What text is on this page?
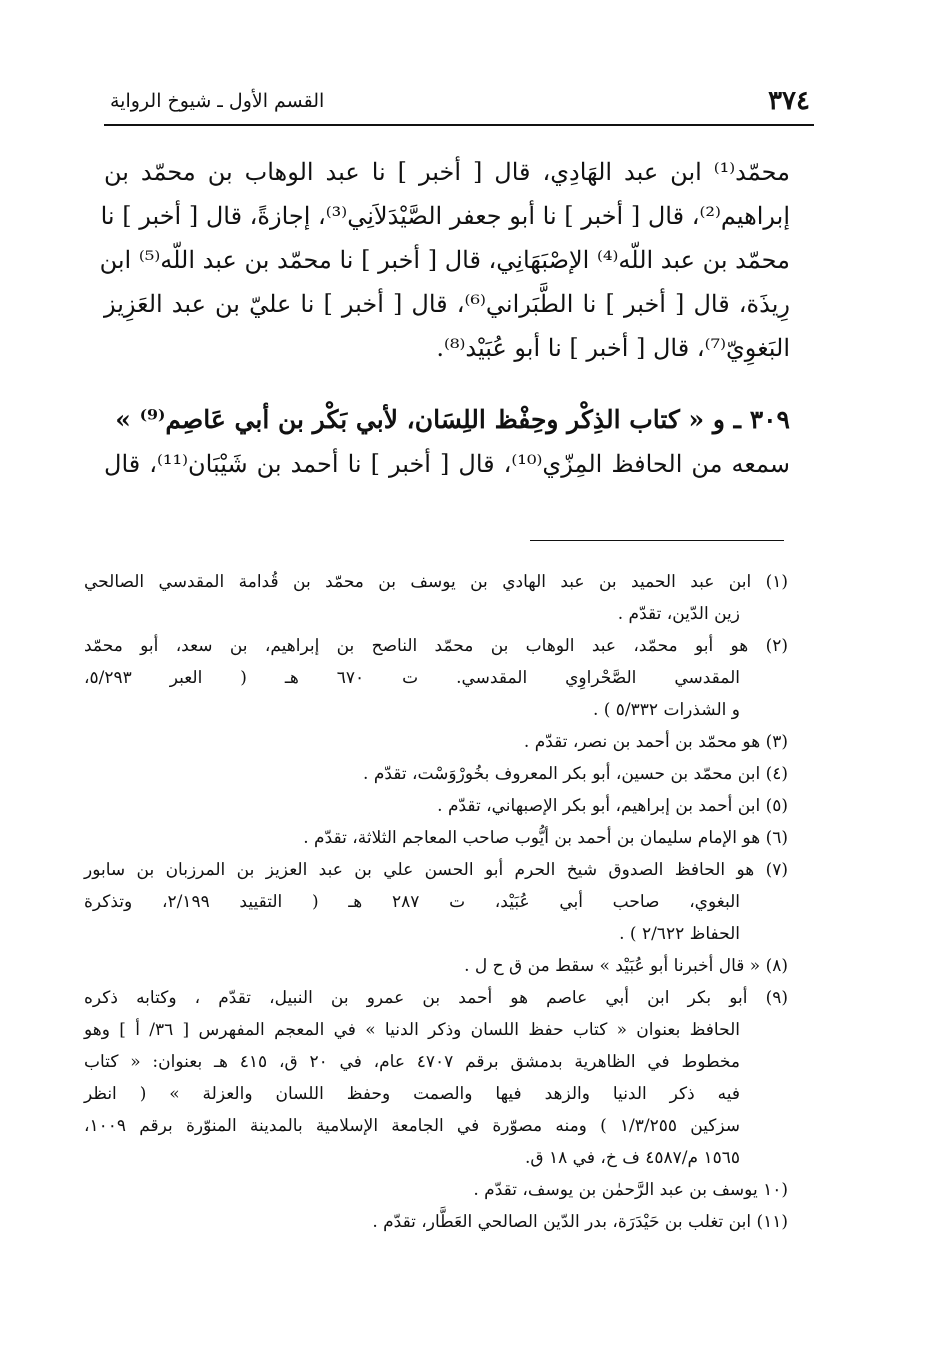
٣٧٤
القسم الأول ـ شيوخ الرواية
محمّد⁽¹⁾ ابن عبد الهَادِي، قال [ أخبر ] نا عبد الوهاب بن محمّد بن
إبراهيم⁽²⁾، قال [ أخبر ] نا أبو جعفر الصَّيْدَلاَنِي⁽³⁾، إجازةً، قال [ أخبر ] نا
محمّد بن عبد اللّه⁽⁴⁾ الإصْبَهَانِي، قال [ أخبر ] نا محمّد بن عبد اللّه⁽⁵⁾ ابن
رِيذَة، قال [ أخبر ] نا الطَّبَراني⁽⁶⁾، قال [ أخبر ] نا عليّ بن عبد العَزِيز
البَغوِيّ⁽⁷⁾، قال [ أخبر ] نا أبو عُبَيْد⁽⁸⁾.
٣٠٩ ـ و « كتاب الذِكْر وحِفْظ اللِسَان، لأبي بَكْر بن أبي عَاصِم⁽⁹⁾ »
سمعه من الحافظ المِزّي⁽¹⁰⁾، قال [ أخبر ] نا أحمد بن شَيْبَان⁽¹¹⁾، قال
(١) ابن عبد الحميد بن عبد الهادي بن يوسف بن محمّد بن قُدامة المقدسي الصالحي
زين الدّين، تقدّم .
(٢) هو أبو محمّد، عبد الوهاب بن محمّد الناصح بن إبراهيم، بن سعد، أبو محمّد
المقدسي الصَّحْراوِي المقدسي. ت ٦٧٠ هـ ( العبر ٥/٢٩٣،
و الشذرات ٥/٣٣٢ ) .
(٣) هو محمّد بن أحمد بن نصر، تقدّم .
(٤) ابن محمّد بن حسين، أبو بكر المعروف بخُورْوَسْت، تقدّم .
(٥) ابن أحمد بن إبراهيم، أبو بكر الإصبهاني، تقدّم .
(٦) هو الإمام سليمان بن أحمد بن أيُّوب صاحب المعاجم الثلاثة، تقدّم .
(٧) هو الحافظ الصدوق شيخ الحرم أبو الحسن علي بن عبد العزيز بن المرزبان بن سابور
البغوي، صاحب أبي عُبَيْد، ت ٢٨٧ هـ ( التقييد ٢/١٩٩، وتذكرة
الحفاظ ٢/٦٢٢ ) .
(٨) « قال أخبرنا أبو عُبَيْد » سقط من ق ح ل .
(٩) أبو بكر ابن أبي عاصم هو أحمد بن عمرو بن النبيل، تقدّم ، وكتابه ذكره
الحافظ بعنوان « كتاب حفظ اللسان وذكر الدنيا » في المعجم المفهرس [ ٣٦/ أ ] وهو
مخطوط في الظاهرية بدمشق برقم ٤٧٠٧ عام، في ٢٠ ق، ٤١٥ هـ بعنوان: « كتاب
فيه ذكر الدنيا والزهد فيها والصمت وحفظ اللسان والعزلة » ( انظر
سزكين ١/٣/٢٥٥ ) ومنه مصوّرة في الجامعة الإسلامية بالمدينة المنوّرة برقم ١٠٠٩،
١٥٦٥ م/٤٥٨٧ ف خ، في ١٨ ق.
(١٠ يوسف بن عبد الرَّحمٰن بن يوسف، تقدّم .
(١١) ابن تغلب بن حَيْدَرَة، بدر الدّين الصالحي العَطَّار، تقدّم .
